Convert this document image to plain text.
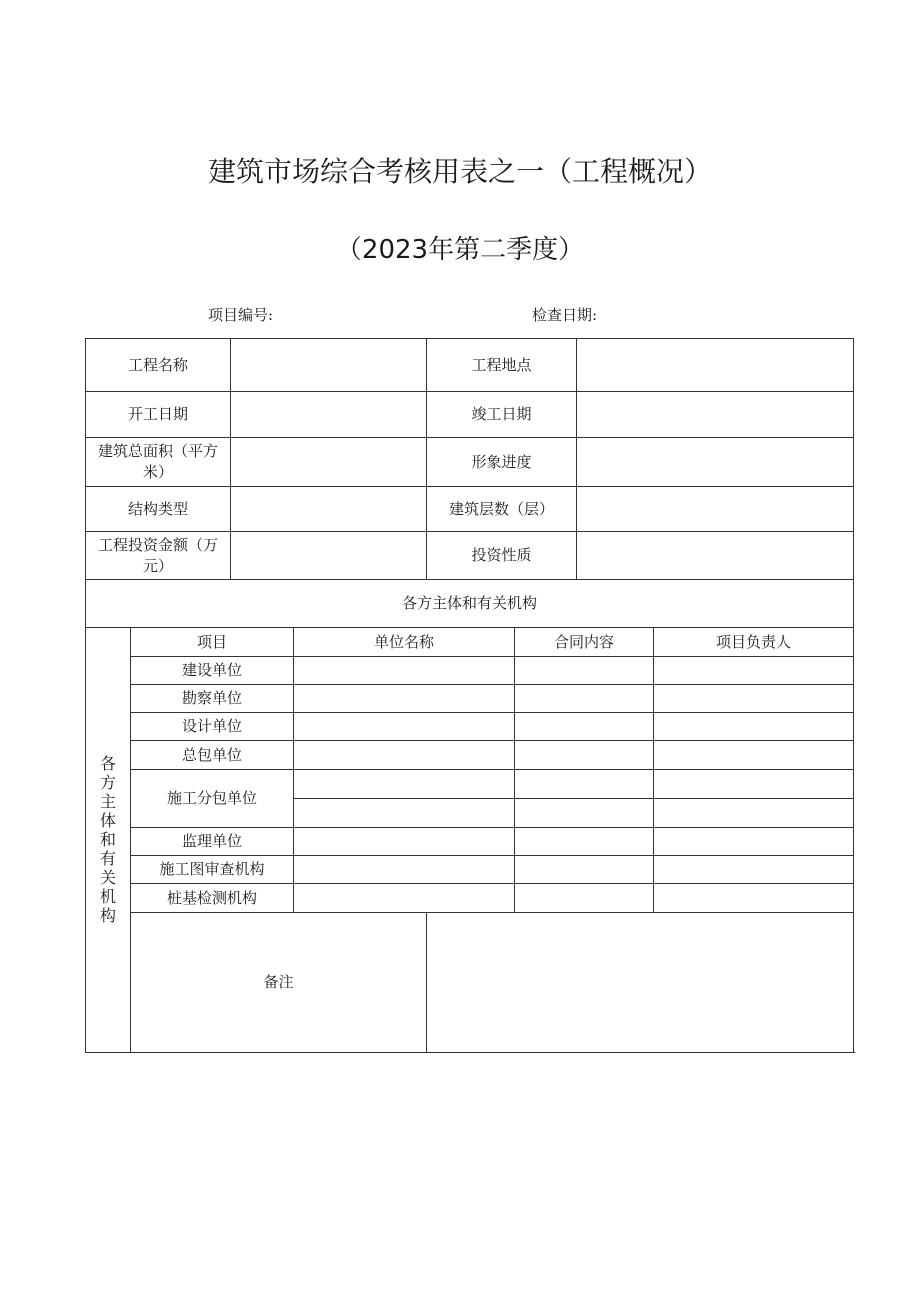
建筑市场综合考核用表之一（工程概况）
（2023年第二季度）
项目编号:	检查日期:
工程名称				工程地点			
开工日期				竣工日期			
建筑总面积（平方米）				形象进度			
结构类型				建筑层数（层）			
工程投资金额（万元）				投资性质			
各方主体和有关机构							
各方主体和有关机构	项目		单位名称		合同内容		项目负责人
	建设单位						
	勘察单位						
	设计单位						
	总包单位						
	施工分包单位						

	监理单位						
	施工图审查机构						
	桩基检测机构						
	备注						
